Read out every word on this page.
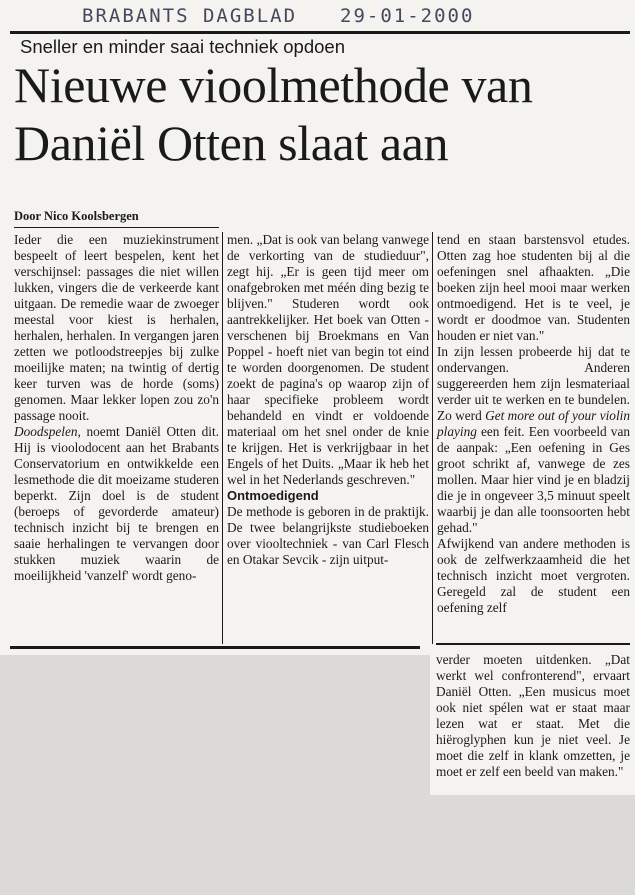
BRABANTS DAGBLAD 29-01-2000
Sneller en minder saai techniek opdoen
Nieuwe vioolmethode van Daniël Otten slaat aan

Door Nico Koolsbergen

Ieder die een muziekinstrument bespeelt of leert bespelen, kent het verschijnsel: passages die niet willen lukken, vingers die de verkeerde kant uitgaan. De remedie waar de zwoeger meestal voor kiest is herhalen, herhalen, herhalen. In vergangen jaren zetten we potloodstreepjes bij zulke moeilijke maten; na twintig of dertig keer turven was de horde (soms) genomen. Maar lekker lopen zou zo'n passage nooit.

Doodspelen, noemt Daniël Otten dit. Hij is vioolodocent aan het Brabants Conservatorium en ontwikkelde een lesmethode die dit moeizame studeren beperkt. Zijn doel is de student (beroeps of gevorderde amateur) technisch inzicht bij te brengen en saaie herhalingen te vervangen door stukken muziek waarin de moeilijkheid 'vanzelf' wordt geno-

men. „Dat is ook van belang vanwege de verkorting van de studieduur", zegt hij. „Er is geen tijd meer om onafgebroken met méén ding bezig te blijven." Studeren wordt ook aantrekkelijker. Het boek van Otten - verschenen bij Broekmans en Van Poppel - hoeft niet van begin tot eind te worden doorgenomen. De student zoekt de pagina's op waarop zijn of haar specifieke probleem wordt behandeld en vindt er voldoende materiaal om het snel onder de knie te krijgen. Het is verkrijgbaar in het Engels of het Duits. „Maar ik heb het wel in het Nederlands geschreven."

Ontmoedigend

De methode is geboren in de praktijk. De twee belangrijkste studieboeken over viooltechniek - van Carl Flesch en Otakar Sevcik - zijn uitput-

tend en staan barstensvol etudes. Otten zag hoe studenten bij al die oefeningen snel afhaakten. „Die boeken zijn heel mooi maar werken ontmoedigend. Het is te veel, je wordt er doodmoe van. Studenten houden er niet van."

In zijn lessen probeerde hij dat te ondervangen. Anderen suggereerden hem zijn lesmateriaal verder uit te werken en te bundelen. Zo werd Get more out of your violin playing een feit. Een voorbeeld van de aanpak: „Een oefening in Ges groot schrikt af, vanwege de zes mollen. Maar hier vind je en bladzij die je in ongeveer 3,5 minuut speelt waarbij je dan alle toonsoorten hebt gehad."

Afwijkend van andere methoden is ook de zelfwerkzaamheid die het technisch inzicht moet vergroten. Geregeld zal de student een oefening zelf

verder moeten uitdenken. „Dat werkt wel confronterend", ervaart Daniël Otten. „Een musicus moet ook niet spélen wat er staat maar lezen wat er staat. Met die hiëroglyphen kun je niet veel. Je moet die zelf in klank omzetten, je moet er zelf een beeld van maken."
